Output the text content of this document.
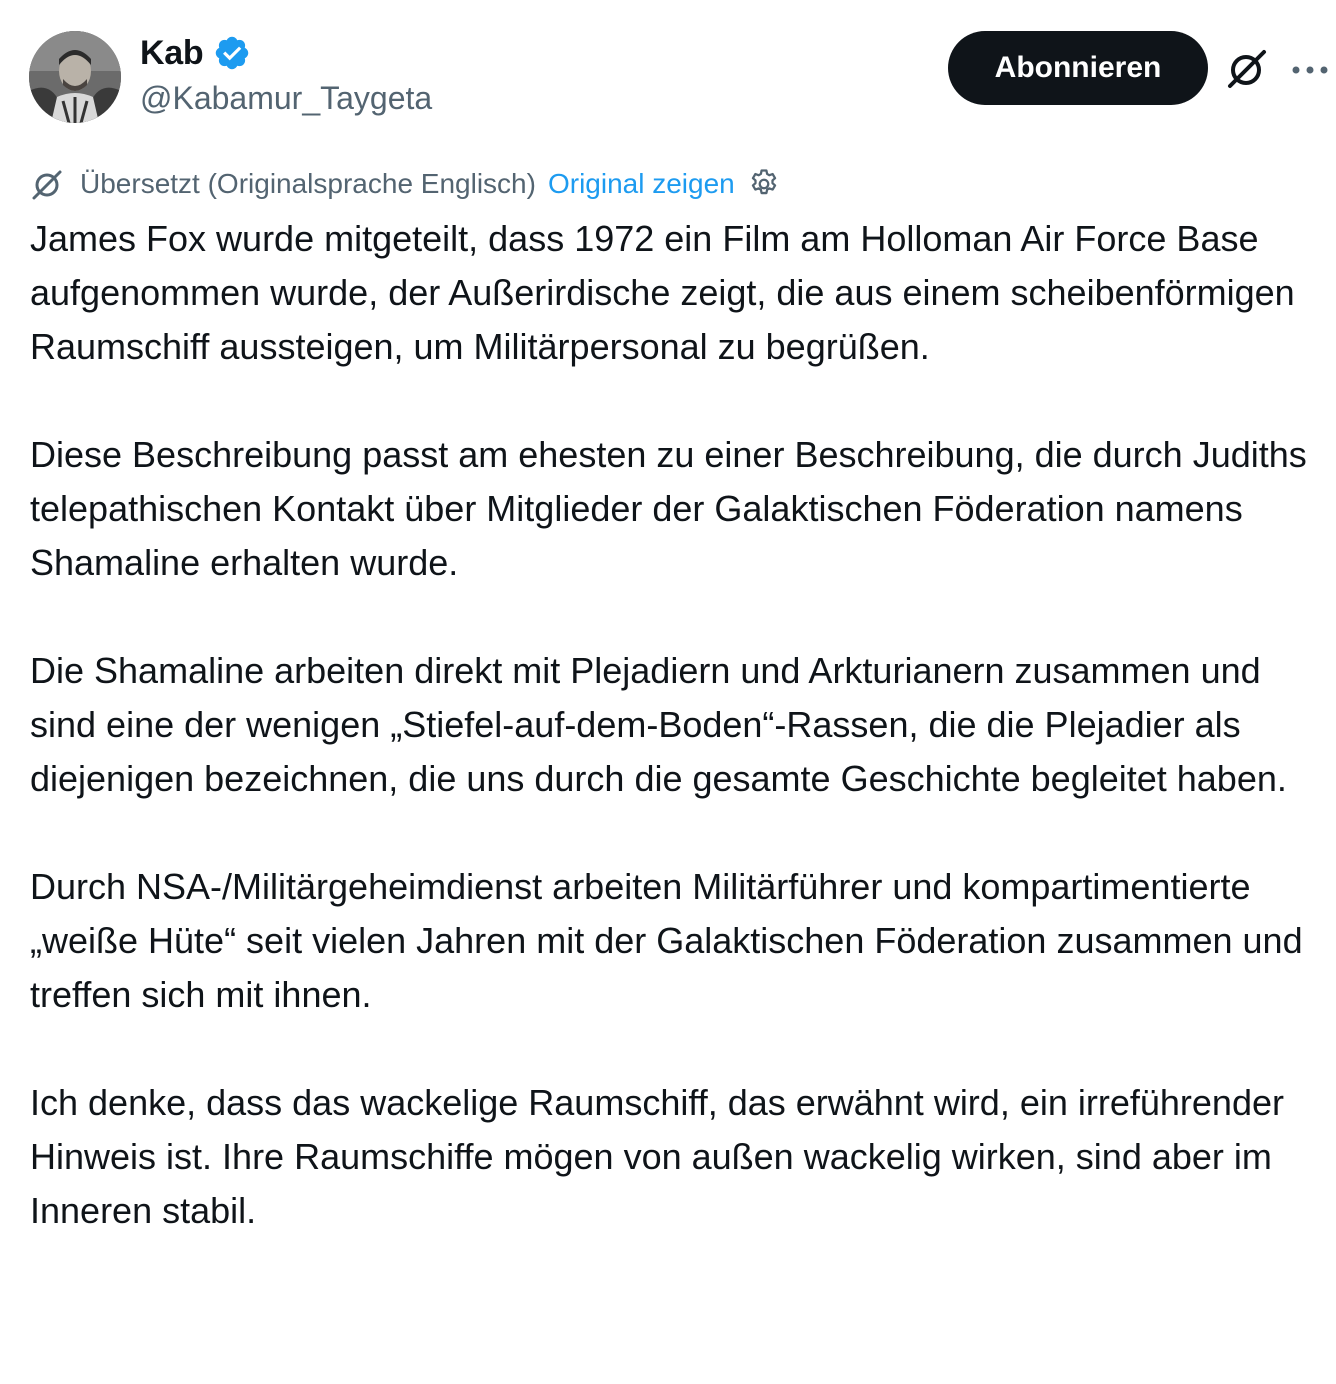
Kab
@Kabamur_Taygeta
Abonnieren
Übersetzt (Originalsprache Englisch) Original zeigen

James Fox wurde mitgeteilt, dass 1972 ein Film am Holloman Air Force Base aufgenommen wurde, der Außerirdische zeigt, die aus einem scheibenförmigen Raumschiff aussteigen, um Militärpersonal zu begrüßen.

Diese Beschreibung passt am ehesten zu einer Beschreibung, die durch Judiths telepathischen Kontakt über Mitglieder der Galaktischen Föderation namens Shamaline erhalten wurde.

Die Shamaline arbeiten direkt mit Plejadiern und Arkturianern zusammen und sind eine der wenigen „Stiefel-auf-dem-Boden“-Rassen, die die Plejadier als diejenigen bezeichnen, die uns durch die gesamte Geschichte begleitet haben.

Durch NSA-/Militärgeheimdienst arbeiten Militärführer und kompartimentierte „weiße Hüte“ seit vielen Jahren mit der Galaktischen Föderation zusammen und treffen sich mit ihnen.

Ich denke, dass das wackelige Raumschiff, das erwähnt wird, ein irreführender Hinweis ist. Ihre Raumschiffe mögen von außen wackelig wirken, sind aber im Inneren stabil.
